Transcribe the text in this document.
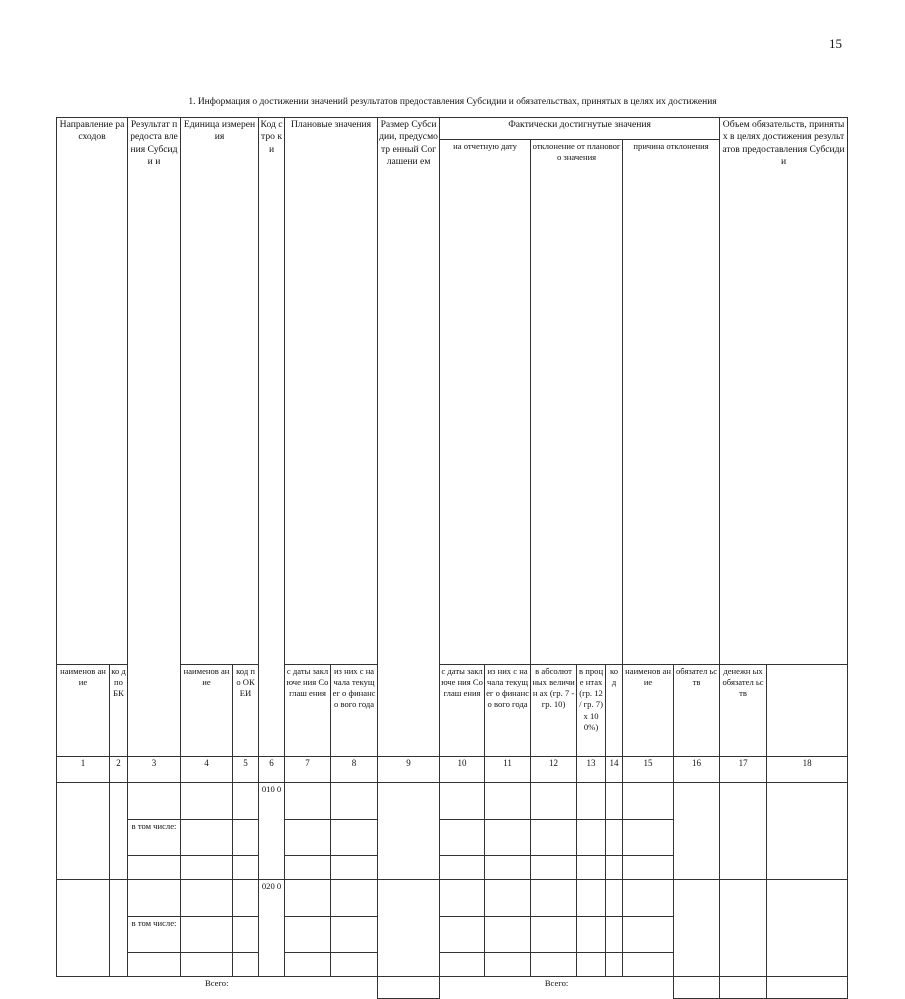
15
1. Информация о достижении значений результатов предоставления Субсидии и обязательствах, принятых в целях их достижения
Направление расходов		Результат предоста вления Субсиди и	Единица измерения		Код стро ки	Плановые значения		Размер Субсидии, предусмотр енный Соглашени ем	Фактически достигнутые значения							Объем обязательств, принятых в целях достижения результатов предоставления Субсидии	
									на отчетную дату		отклонение от планового значения			причина отклонения				

наименов ание	ко д по БК		наименов ание	код по ОК ЕИ		с даты заключе ния Соглаш ения	из них с начала текущег о финансо вого года		с даты заключе ния Соглаш ения	из них с начала текущег о финансо вого года	в абсолют ных величин ах (гр. 7 - гр. 10)	в проце нтах (гр. 12 / гр. 7) х 100%)	ко д	наименов ание	обязател ьств	денежн ых обязател ьств		

1	2	3	4	5	6	7	8	9	10	11	12	13	14	15	16	17	18	
					010 0													
		в том числе:																

					020 0													
		в том числе:																

Всего:									Всего:									
